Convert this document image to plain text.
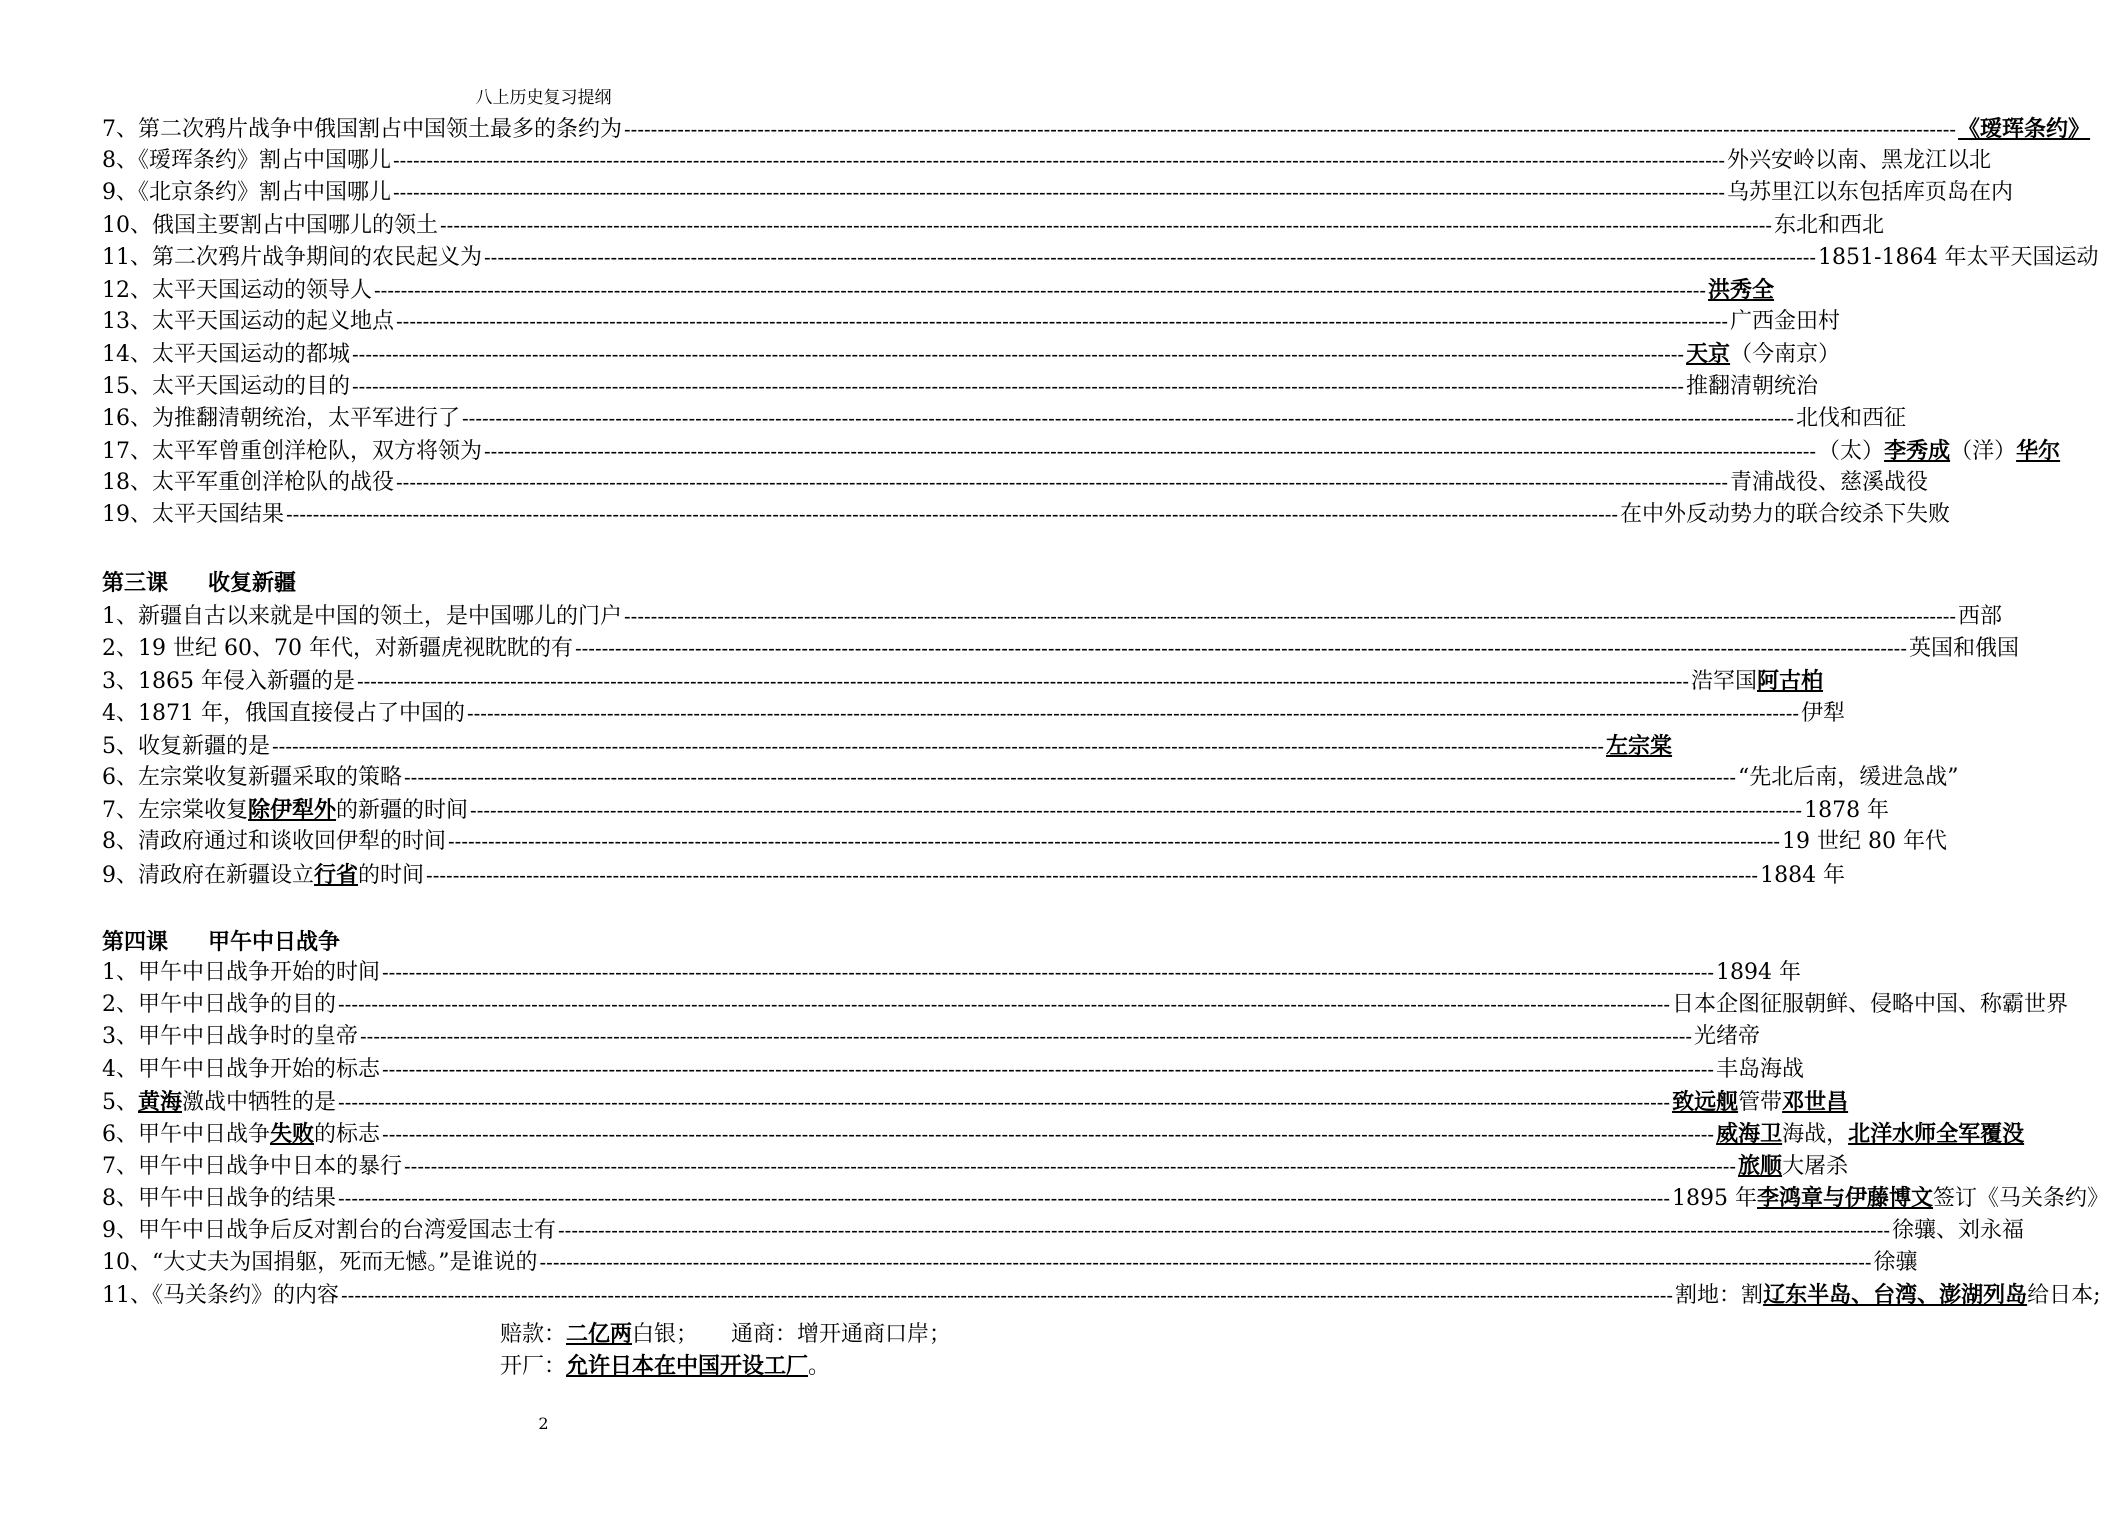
八上历史复习提纲
7、第二次鸦片战争中俄国割占中国领土最多的条约为 -------------------------------------------------------------------------------------------------------------------------------------------------------------------------------------------------------- 《瑷珲条约》
8、《瑷珲条约》割占中国哪儿 -------------------------------------------------------------------------------------------------------------------------------------------------------------------------------------------------------- 外兴安岭以南、黑龙江以北
9、《北京条约》割占中国哪儿 -------------------------------------------------------------------------------------------------------------------------------------------------------------------------------------------------------- 乌苏里江以东包括库页岛在内
10、俄国主要割占中国哪儿的领土 -------------------------------------------------------------------------------------------------------------------------------------------------------------------------------------------------------- 东北和西北
11、第二次鸦片战争期间的农民起义为 -------------------------------------------------------------------------------------------------------------------------------------------------------------------------------------------------------- 1851-1864 年太平天国运动
12、太平天国运动的领导人 -------------------------------------------------------------------------------------------------------------------------------------------------------------------------------------------------------- 洪秀全
13、太平天国运动的起义地点 -------------------------------------------------------------------------------------------------------------------------------------------------------------------------------------------------------- 广西金田村
14、太平天国运动的都城 -------------------------------------------------------------------------------------------------------------------------------------------------------------------------------------------------------- 天京（今南京）
15、太平天国运动的目的 -------------------------------------------------------------------------------------------------------------------------------------------------------------------------------------------------------- 推翻清朝统治
16、为推翻清朝统治，太平军进行了 -------------------------------------------------------------------------------------------------------------------------------------------------------------------------------------------------------- 北伐和西征
17、太平军曾重创洋枪队，双方将领为 -------------------------------------------------------------------------------------------------------------------------------------------------------------------------------------------------------- （太）李秀成（洋）华尔
18、太平军重创洋枪队的战役 -------------------------------------------------------------------------------------------------------------------------------------------------------------------------------------------------------- 青浦战役、慈溪战役
19、太平天国结果 -------------------------------------------------------------------------------------------------------------------------------------------------------------------------------------------------------- 在中外反动势力的联合绞杀下失败
第三课 收复新疆
1、新疆自古以来就是中国的领土，是中国哪儿的门户 -------------------------------------------------------------------------------------------------------------------------------------------------------------------------------------------------------- 西部
2、19 世纪 60、70 年代，对新疆虎视眈眈的有 -------------------------------------------------------------------------------------------------------------------------------------------------------------------------------------------------------- 英国和俄国
3、1865 年侵入新疆的是 -------------------------------------------------------------------------------------------------------------------------------------------------------------------------------------------------------- 浩罕国阿古柏
4、1871 年，俄国直接侵占了中国的 -------------------------------------------------------------------------------------------------------------------------------------------------------------------------------------------------------- 伊犁
5、收复新疆的是 -------------------------------------------------------------------------------------------------------------------------------------------------------------------------------------------------------- 左宗棠
6、左宗棠收复新疆采取的策略 -------------------------------------------------------------------------------------------------------------------------------------------------------------------------------------------------------- “先北后南，缓进急战”
7、左宗棠收复除伊犁外的新疆的时间 -------------------------------------------------------------------------------------------------------------------------------------------------------------------------------------------------------- 1878 年
8、清政府通过和谈收回伊犁的时间 -------------------------------------------------------------------------------------------------------------------------------------------------------------------------------------------------------- 19 世纪 80 年代
9、清政府在新疆设立行省的时间 -------------------------------------------------------------------------------------------------------------------------------------------------------------------------------------------------------- 1884 年
第四课 甲午中日战争
1、甲午中日战争开始的时间 -------------------------------------------------------------------------------------------------------------------------------------------------------------------------------------------------------- 1894 年
2、甲午中日战争的目的 -------------------------------------------------------------------------------------------------------------------------------------------------------------------------------------------------------- 日本企图征服朝鲜、侵略中国、称霸世界
3、甲午中日战争时的皇帝 -------------------------------------------------------------------------------------------------------------------------------------------------------------------------------------------------------- 光绪帝
4、甲午中日战争开始的标志 -------------------------------------------------------------------------------------------------------------------------------------------------------------------------------------------------------- 丰岛海战
5、黄海激战中牺牲的是 -------------------------------------------------------------------------------------------------------------------------------------------------------------------------------------------------------- 致远舰管带邓世昌
6、甲午中日战争失败的标志 -------------------------------------------------------------------------------------------------------------------------------------------------------------------------------------------------------- 威海卫海战，北洋水师全军覆没
7、甲午中日战争中日本的暴行 -------------------------------------------------------------------------------------------------------------------------------------------------------------------------------------------------------- 旅顺大屠杀
8、甲午中日战争的结果 -------------------------------------------------------------------------------------------------------------------------------------------------------------------------------------------------------- 1895 年李鸿章与伊藤博文签订《马关条约》
9、甲午中日战争后反对割台的台湾爱国志士有 -------------------------------------------------------------------------------------------------------------------------------------------------------------------------------------------------------- 徐骧、刘永福
10、“大丈夫为国捐躯，死而无憾。”是谁说的 -------------------------------------------------------------------------------------------------------------------------------------------------------------------------------------------------------- 徐骧
11、《马关条约》的内容 -------------------------------------------------------------------------------------------------------------------------------------------------------------------------------------------------------- 割地：割辽东半岛、台湾、澎湖列岛给日本;
赔款：二亿两白银；　　通商：增开通商口岸；
开厂：允许日本在中国开设工厂。
2
